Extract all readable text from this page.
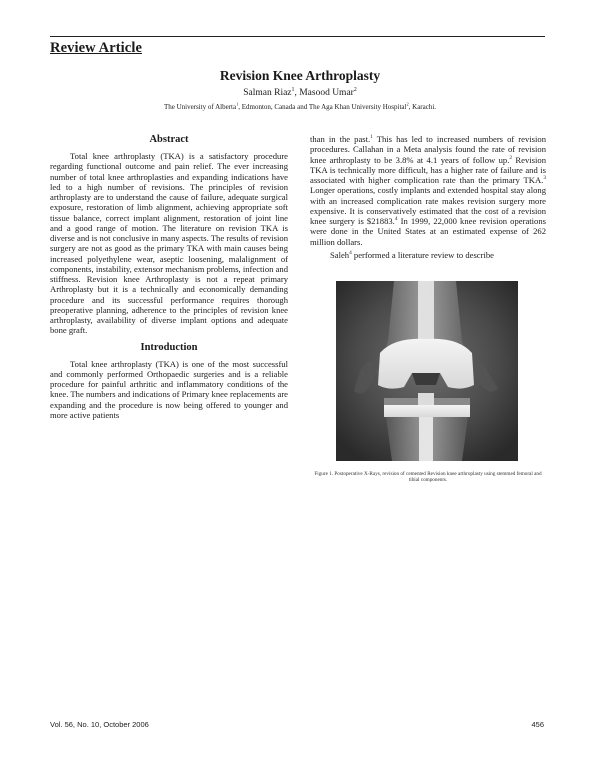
Review Article
Revision Knee Arthroplasty
Salman Riaz$^1$, Masood Umar$^2$
The University of Alberta$^1$, Edmonton, Canada and The Aga Khan University Hospital$^2$, Karachi.
Abstract

Total knee arthroplasty (TKA) is a satisfactory procedure regarding functional outcome and pain relief. The ever increasing number of total knee arthroplasties and expanding indications have led to a high number of revisions. The principles of revision arthroplasty are to understand the cause of failure, adequate surgical exposure, restoration of limb alignment, achieving appropriate soft tissue balance, correct implant alignment, restoration of joint line and a good range of motion. The literature on revision TKA is diverse and is not conclusive in many aspects. The results of revision surgery are not as good as the primary TKA with main causes being increased polyethylene wear, aseptic loosening, malalignment of components, instability, extensor mechanism problems, infection and stiffness. Revision knee Arthroplasty is not a repeat primary Arthroplasty but it is a technically and economically demanding procedure and its successful performance requires thorough preoperative planning, adherence to the principles of revision knee arthroplasty, availability of diverse implant options and adequate bone graft.

Introduction

Total knee arthroplasty (TKA) is one of the most successful and commonly performed Orthopaedic surgeries and is a reliable procedure for painful arthritic and inflammatory conditions of the knee. The numbers and indications of Primary knee replacements are expanding and the procedure is now being offered to younger and more active patients

than in the past.$^1$ This has led to increased numbers of revision procedures. Callahan in a Meta analysis found the rate of revision knee arthroplasty to be 3.8% at 4.1 years of follow up.$^2$ Revision TKA is technically more difficult, has a higher rate of failure and is associated with higher complication rate than the primary TKA.$^3$ Longer operations, costly implants and extended hospital stay along with an increased complication rate makes revision surgery more expensive. It is conservatively estimated that the cost of a revision knee surgery is $21883.$^4$ In 1999, 22,000 knee revision operations were done in the United States at an estimated expense of 262 million dollars.

Saleh$^4$ performed a literature review to describe

Figure 1. Postoperative X-Rays, revision of cemented Revision knee arthroplasty using stemmed femoral and tibial components.
Vol. 56, No. 10, October 2006	456
